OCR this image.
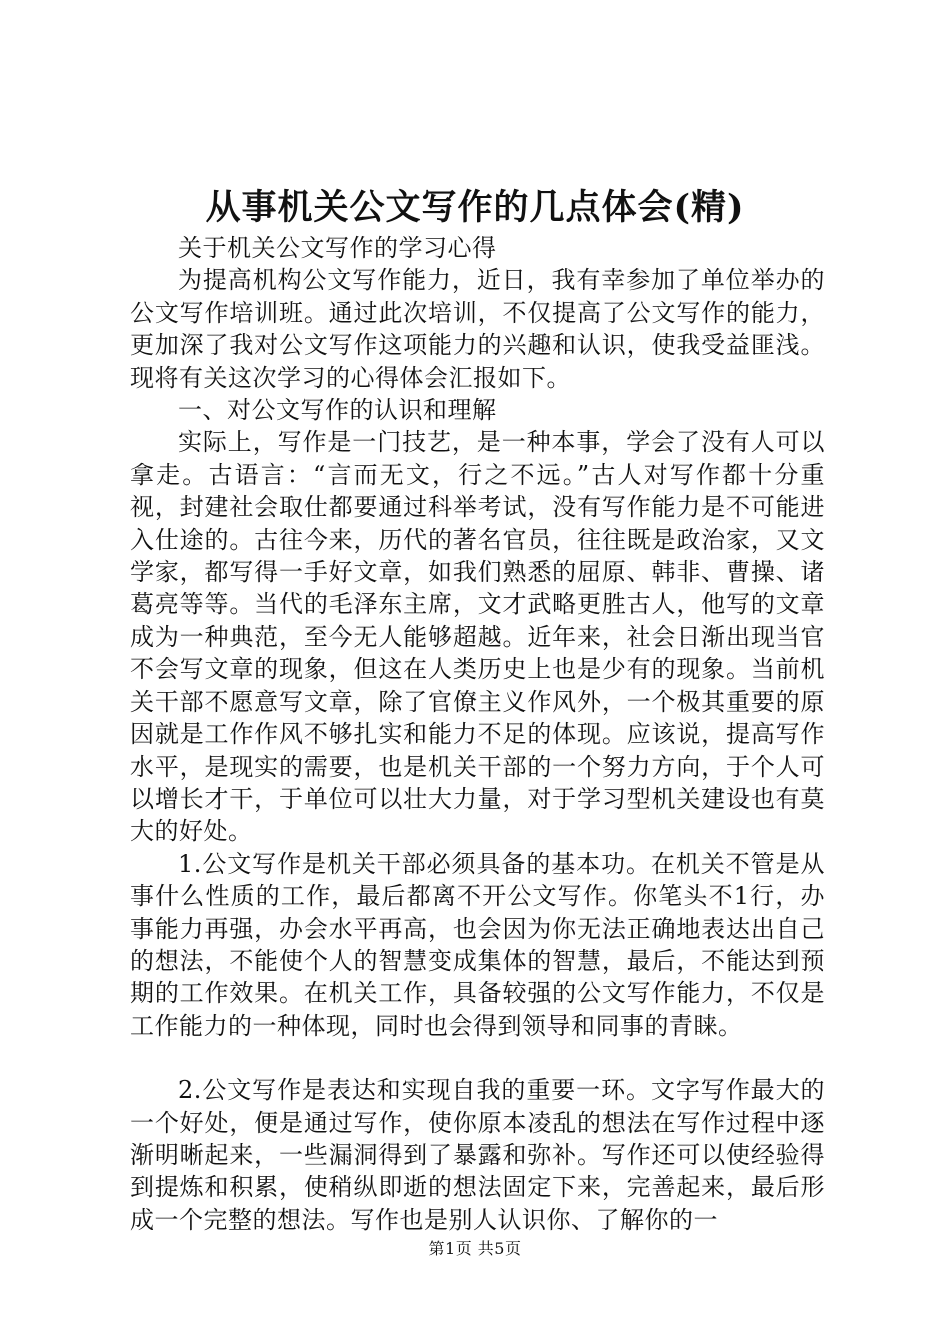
从事机关公文写作的几点体会(精)

关于机关公文写作的学习心得

为提高机构公文写作能力，近日，我有幸参加了单位举办的公文写作培训班。通过此次培训，不仅提高了公文写作的能力，更加深了我对公文写作这项能力的兴趣和认识，使我受益匪浅。现将有关这次学习的心得体会汇报如下。

一、对公文写作的认识和理解

实际上，写作是一门技艺，是一种本事，学会了没有人可以拿走。古语言：“言而无文，行之不远。”古人对写作都十分重视，封建社会取仕都要通过科举考试，没有写作能力是不可能进入仕途的。古往今来，历代的著名官员，往往既是政治家，又文学家，都写得一手好文章，如我们熟悉的屈原、韩非、曹操、诸葛亮等等。当代的毛泽东主席，文才武略更胜古人，他写的文章成为一种典范，至今无人能够超越。近年来，社会日渐出现当官不会写文章的现象，但这在人类历史上也是少有的现象。当前机关干部不愿意写文章，除了官僚主义作风外，一个极其重要的原因就是工作作风不够扎实和能力不足的体现。应该说，提高写作水平，是现实的需要，也是机关干部的一个努力方向，于个人可以增长才干，于单位可以壮大力量，对于学习型机关建设也有莫大的好处。

1.公文写作是机关干部必须具备的基本功。在机关不管是从事什么性质的工作，最后都离不开公文写作。你笔头不1行，办事能力再强，办会水平再高，也会因为你无法正确地表达出自己的想法，不能使个人的智慧变成集体的智慧，最后，不能达到预期的工作效果。在机关工作，具备较强的公文写作能力，不仅是工作能力的一种体现，同时也会得到领导和同事的青睐。

2.公文写作是表达和实现自我的重要一环。文字写作最大的一个好处，便是通过写作，使你原本凌乱的想法在写作过程中逐渐明晰起来，一些漏洞得到了暴露和弥补。写作还可以使经验得到提炼和积累，使稍纵即逝的想法固定下来，完善起来，最后形成一个完整的想法。写作也是别人认识你、了解你的一

第1页 共5页
